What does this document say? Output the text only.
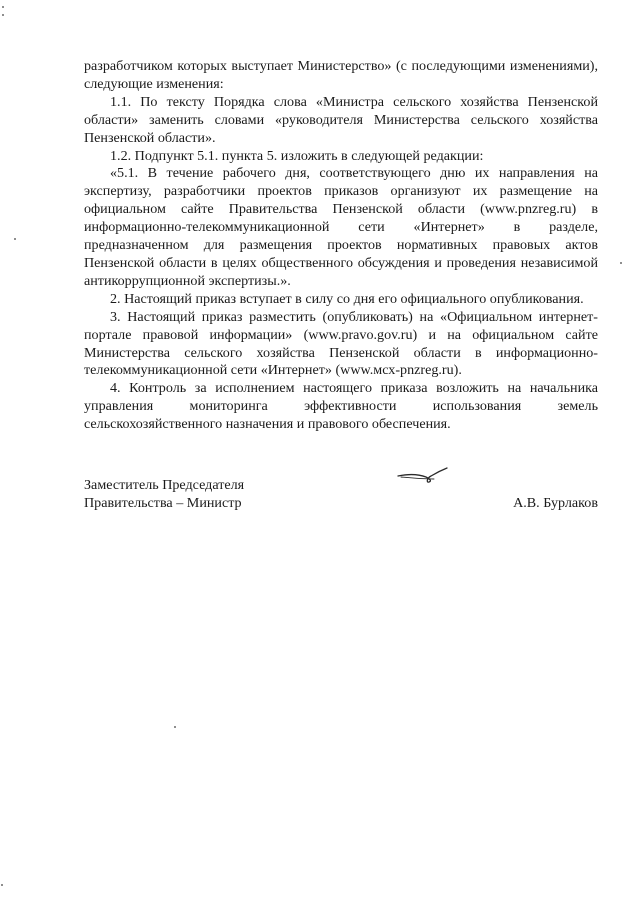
разработчиком которых выступает Министерство» (с последующими изменениями), следующие изменения:

1.1. По тексту Порядка слова «Министра сельского хозяйства Пензенской области» заменить словами «руководителя Министерства сельского хозяйства Пензенской области».

1.2. Подпункт 5.1. пункта 5. изложить в следующей редакции:

«5.1. В течение рабочего дня, соответствующего дню их направления на экспертизу, разработчики проектов приказов организуют их размещение на официальном сайте Правительства Пензенской области (www.pnzreg.ru) в информационно-телекоммуникационной сети «Интернет» в разделе, предназначенном для размещения проектов нормативных правовых актов Пензенской области в целях общественного обсуждения и проведения независимой антикоррупционной экспертизы.».

2. Настоящий приказ вступает в силу со дня его официального опубликования.

3. Настоящий приказ разместить (опубликовать) на «Официальном интернет-портале правовой информации» (www.pravo.gov.ru) и на официальном сайте Министерства сельского хозяйства Пензенской области в информационно-телекоммуникационной сети «Интернет» (www.мсх-pnzreg.ru).

4. Контроль за исполнением настоящего приказа возложить на начальника управления мониторинга эффективности использования земель сельскохозяйственного назначения и правового обеспечения.

Заместитель Председателя
Правительства – Министр	А.В. Бурлаков
